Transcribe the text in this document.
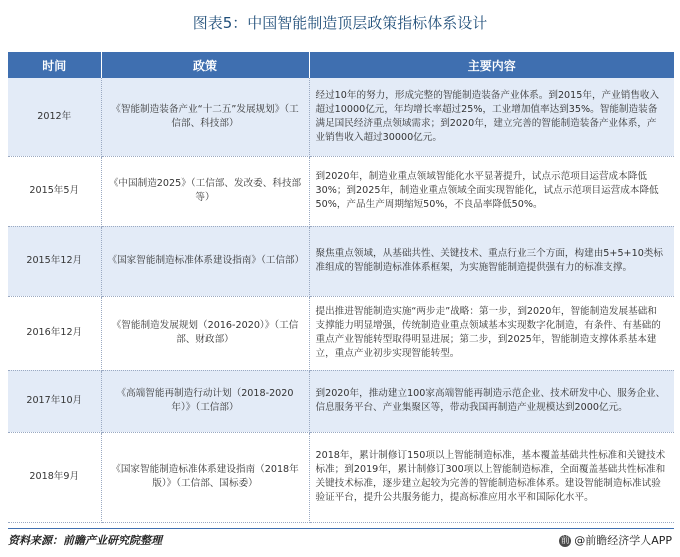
图表5：中国智能制造顶层政策指标体系设计
时间	政策	主要内容
2012年	《智能制造装备产业“十二五”发展规划》（工信部、科技部）	经过10年的努力，形成完整的智能制造装备产业体系。到2015年，产业销售收入超过10000亿元，年均增长率超过25%，工业增加值率达到35%。智能制造装备满足国民经济重点领域需求；到2020年，建立完善的智能制造装备产业体系，产业销售收入超过30000亿元。
2015年5月	《中国制造2025》（工信部、发改委、科技部等）	到2020年，制造业重点领域智能化水平显著提升，试点示范项目运营成本降低30%；到2025年，制造业重点领域全面实现智能化，试点示范项目运营成本降低50%，产品生产周期缩短50%，不良品率降低50%。
2015年12月	《国家智能制造标准体系建设指南》（工信部）	聚焦重点领域，从基础共性、关键技术、重点行业三个方面，构建由5+5+10类标准组成的智能制造标准体系框架，为实施智能制造提供强有力的标准支撑。
2016年12月	《智能制造发展规划（2016-2020）》（工信部、财政部）	提出推进智能制造实施“两步走”战略：第一步，到2020年，智能制造发展基础和支撑能力明显增强，传统制造业重点领域基本实现数字化制造，有条件、有基础的重点产业智能转型取得明显进展；第二步，到2025年，智能制造支撑体系基本建立，重点产业初步实现智能转型。
2017年10月	《高端智能再制造行动计划（2018-2020年）》（工信部）	到2020年，推动建立100家高端智能再制造示范企业、技术研发中心、服务企业、信息服务平台、产业集聚区等，带动我国再制造产业规模达到2000亿元。
2018年9月	《国家智能制造标准体系建设指南（2018年版）》（工信部、国标委）	2018年，累计制修订150项以上智能制造标准，基本覆盖基础共性标准和关键技术标准；到2019年，累计制修订300项以上智能制造标准，全面覆盖基础共性标准和关键技术标准，逐步建立起较为完善的智能制造标准体系。建设智能制造标准试验验证平台，提升公共服务能力，提高标准应用水平和国际化水平。
资料来源：前瞻产业研究院整理	前 @前瞻经济学人APP
